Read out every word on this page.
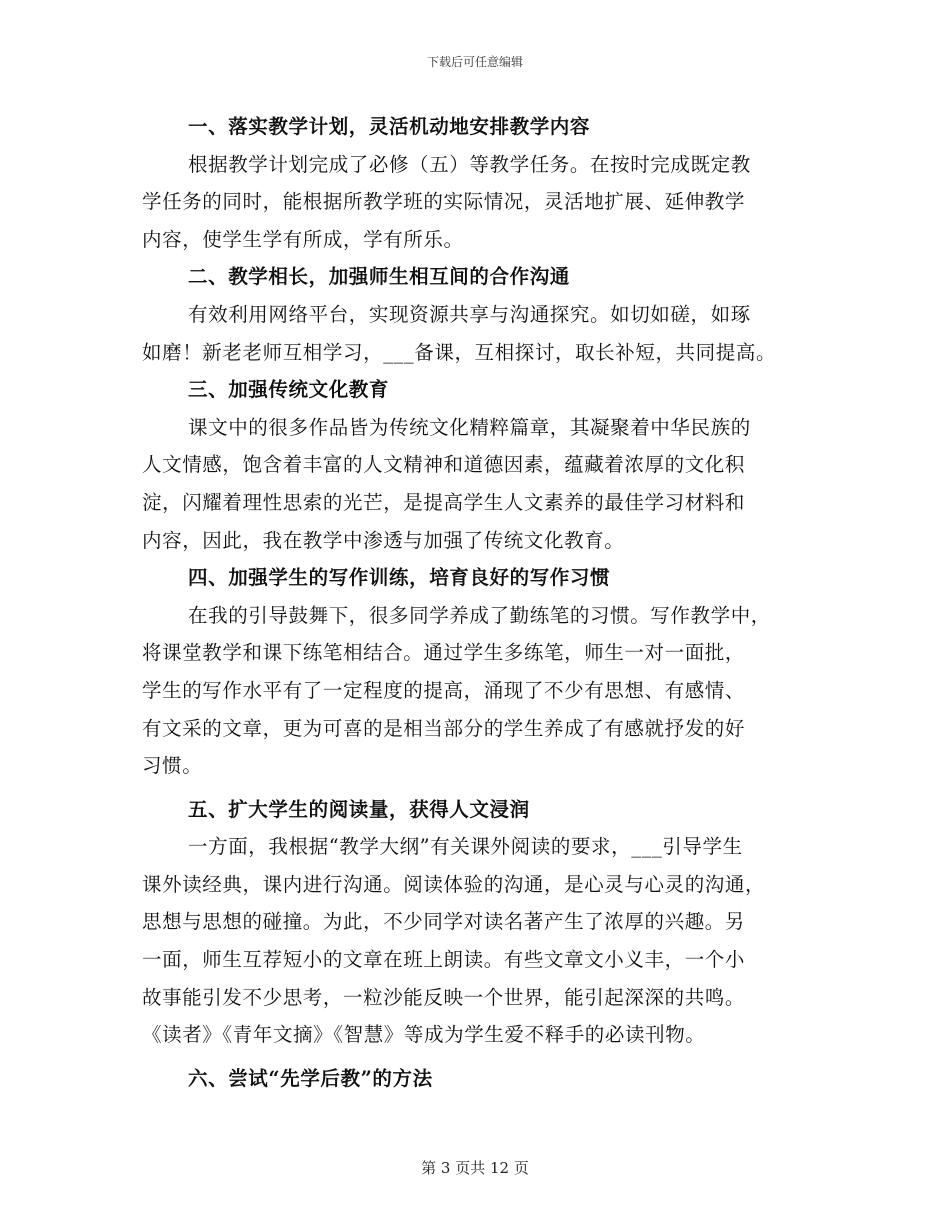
下载后可任意编辑
一、落实教学计划，灵活机动地安排教学内容
根据教学计划完成了必修（五）等教学任务。在按时完成既定教
学任务的同时，能根据所教学班的实际情况，灵活地扩展、延伸教学
内容，使学生学有所成，学有所乐。
二、教学相长，加强师生相互间的合作沟通
有效利用网络平台，实现资源共享与沟通探究。如切如磋，如琢
如磨！新老老师互相学习，___备课，互相探讨，取长补短，共同提高。
三、加强传统文化教育
课文中的很多作品皆为传统文化精粹篇章，其凝聚着中华民族的
人文情感，饱含着丰富的人文精神和道德因素，蕴藏着浓厚的文化积
淀，闪耀着理性思索的光芒，是提高学生人文素养的最佳学习材料和
内容，因此，我在教学中渗透与加强了传统文化教育。
四、加强学生的写作训练，培育良好的写作习惯
在我的引导鼓舞下，很多同学养成了勤练笔的习惯。写作教学中，
将课堂教学和课下练笔相结合。通过学生多练笔，师生一对一面批，
学生的写作水平有了一定程度的提高，涌现了不少有思想、有感情、
有文采的文章，更为可喜的是相当部分的学生养成了有感就抒发的好
习惯。
五、扩大学生的阅读量，获得人文浸润
一方面，我根据“教学大纲”有关课外阅读的要求，___引导学生
课外读经典，课内进行沟通。阅读体验的沟通，是心灵与心灵的沟通，
思想与思想的碰撞。为此，不少同学对读名著产生了浓厚的兴趣。另
一面，师生互荐短小的文章在班上朗读。有些文章文小义丰，一个小
故事能引发不少思考，一粒沙能反映一个世界，能引起深深的共鸣。
《读者》《青年文摘》《智慧》等成为学生爱不释手的必读刊物。
六、尝试“先学后教”的方法
第 3 页共 12 页
